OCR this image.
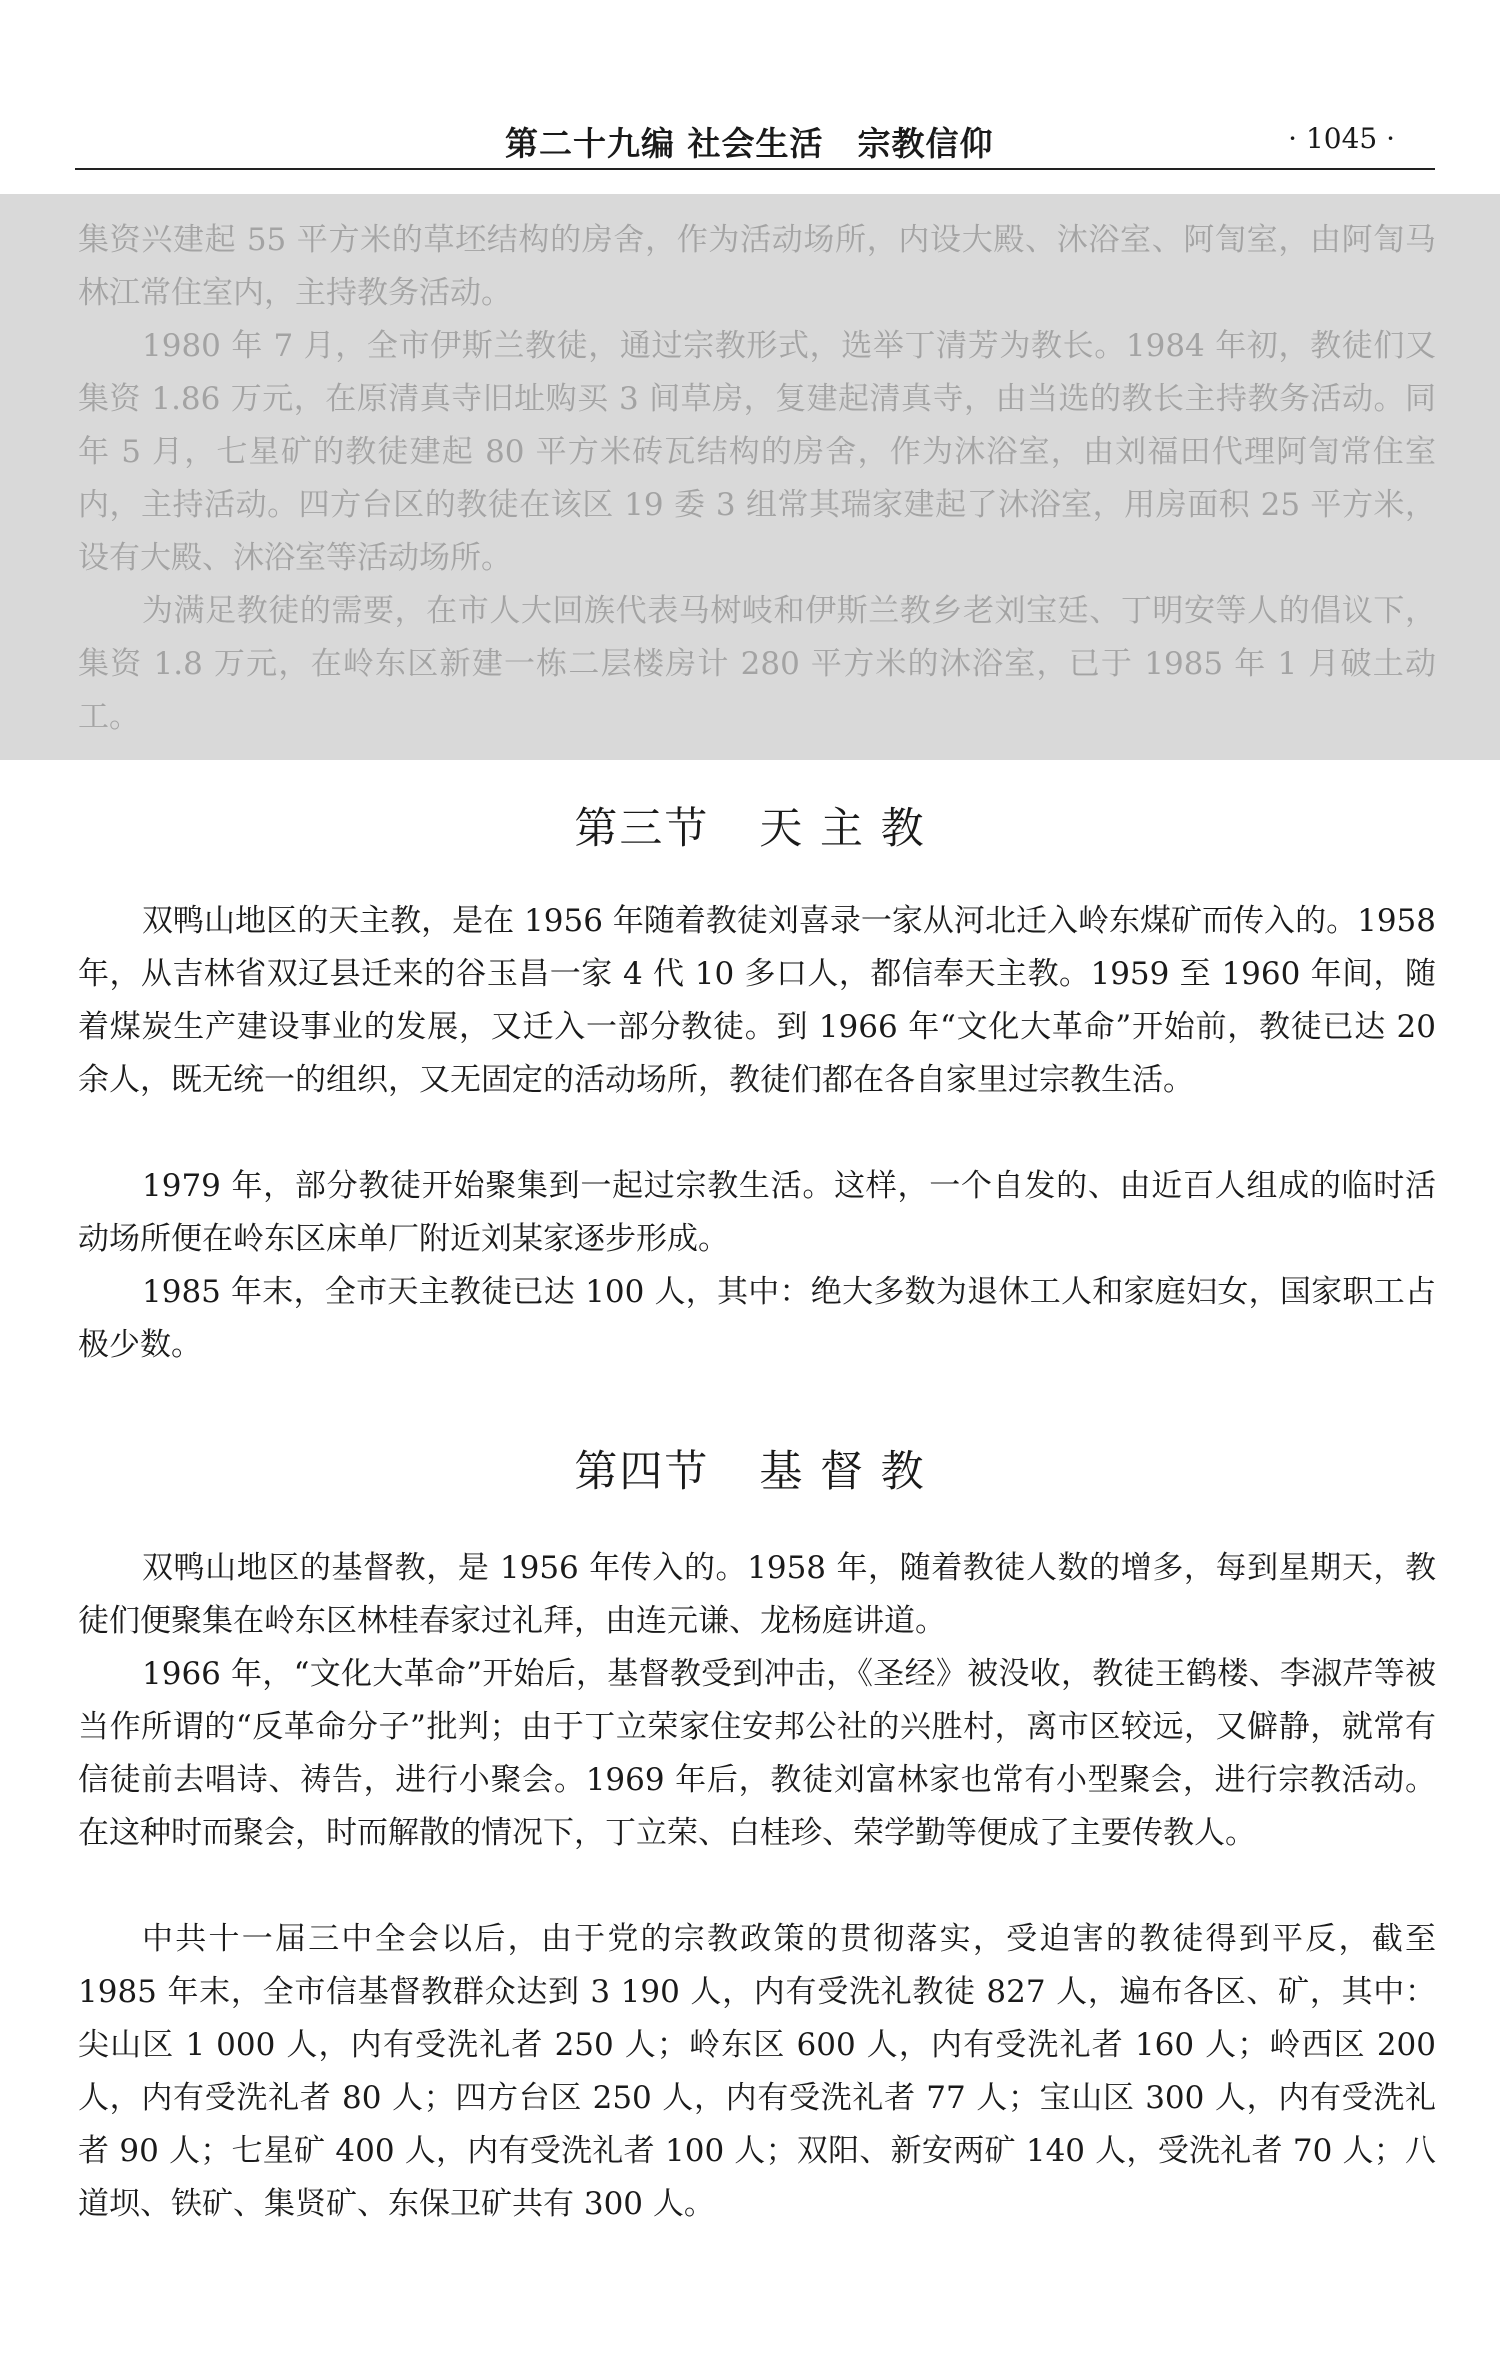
第二十九编 社会生活　宗教信仰	· 1045 ·

集资兴建起 55 平方米的草坯结构的房舍，作为活动场所，内设大殿、沐浴室、阿訇室，由阿訇马林江常住室内，主持教务活动。

1980 年 7 月，全市伊斯兰教徒，通过宗教形式，选举丁清芳为教长。1984 年初，教徒们又集资 1.86 万元，在原清真寺旧址购买 3 间草房，复建起清真寺，由当选的教长主持教务活动。同年 5 月，七星矿的教徒建起 80 平方米砖瓦结构的房舍，作为沐浴室，由刘福田代理阿訇常住室内，主持活动。四方台区的教徒在该区 19 委 3 组常其瑞家建起了沐浴室，用房面积 25 平方米，设有大殿、沐浴室等活动场所。

为满足教徒的需要，在市人大回族代表马树岐和伊斯兰教乡老刘宝廷、丁明安等人的倡议下，集资 1.8 万元，在岭东区新建一栋二层楼房计 280 平方米的沐浴室，已于 1985 年 1 月破土动工。

第三节 天 主 教

双鸭山地区的天主教，是在 1956 年随着教徒刘喜录一家从河北迁入岭东煤矿而传入的。1958 年，从吉林省双辽县迁来的谷玉昌一家 4 代 10 多口人，都信奉天主教。1959 至 1960 年间，随着煤炭生产建设事业的发展，又迁入一部分教徒。到 1966 年“文化大革命”开始前，教徒已达 20 余人，既无统一的组织，又无固定的活动场所，教徒们都在各自家里过宗教生活。

1979 年，部分教徒开始聚集到一起过宗教生活。这样，一个自发的、由近百人组成的临时活动场所便在岭东区床单厂附近刘某家逐步形成。

1985 年末，全市天主教徒已达 100 人，其中：绝大多数为退休工人和家庭妇女，国家职工占极少数。

第四节 基 督 教

双鸭山地区的基督教，是 1956 年传入的。1958 年，随着教徒人数的增多，每到星期天，教徒们便聚集在岭东区林桂春家过礼拜，由连元谦、龙杨庭讲道。

1966 年，“文化大革命”开始后，基督教受到冲击，《圣经》被没收，教徒王鹤楼、李淑芹等被当作所谓的“反革命分子”批判；由于丁立荣家住安邦公社的兴胜村，离市区较远，又僻静，就常有信徒前去唱诗、祷告，进行小聚会。1969 年后，教徒刘富林家也常有小型聚会，进行宗教活动。在这种时而聚会，时而解散的情况下，丁立荣、白桂珍、荣学勤等便成了主要传教人。

中共十一届三中全会以后，由于党的宗教政策的贯彻落实，受迫害的教徒得到平反，截至 1985 年末，全市信基督教群众达到 3 190 人，内有受洗礼教徒 827 人，遍布各区、矿，其中：尖山区 1 000 人，内有受洗礼者 250 人；岭东区 600 人，内有受洗礼者 160 人；岭西区 200 人，内有受洗礼者 80 人；四方台区 250 人，内有受洗礼者 77 人；宝山区 300 人，内有受洗礼者 90 人；七星矿 400 人，内有受洗礼者 100 人；双阳、新安两矿 140 人，受洗礼者 70 人；八道坝、铁矿、集贤矿、东保卫矿共有 300 人。
